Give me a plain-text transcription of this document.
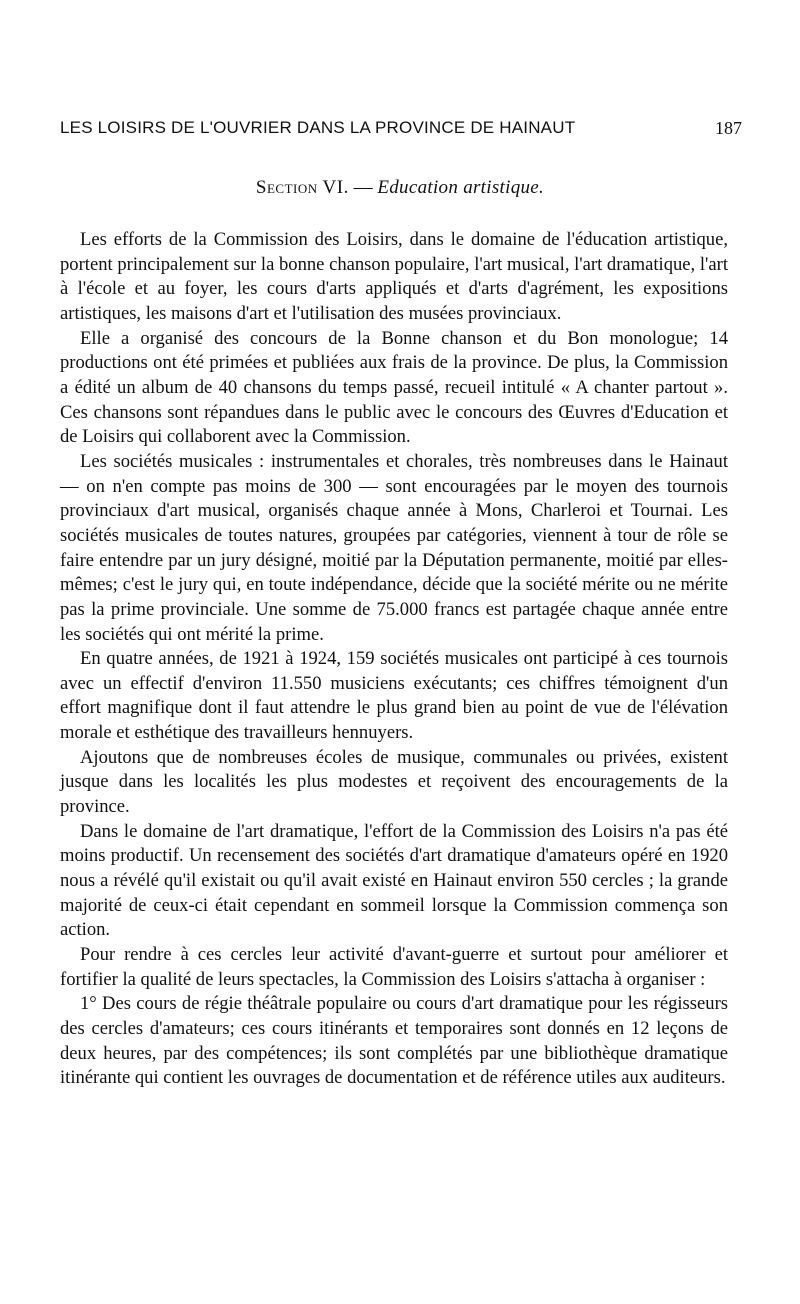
LES LOISIRS DE L'OUVRIER DANS LA PROVINCE DE HAINAUT	187
Section VI. — Education artistique.

Les efforts de la Commission des Loisirs, dans le domaine de l'éducation artistique, portent principalement sur la bonne chanson populaire, l'art musical, l'art dramatique, l'art à l'école et au foyer, les cours d'arts appliqués et d'arts d'agrément, les expositions artistiques, les maisons d'art et l'utilisation des musées provinciaux.

Elle a organisé des concours de la Bonne chanson et du Bon monologue; 14 productions ont été primées et publiées aux frais de la province. De plus, la Commission a édité un album de 40 chansons du temps passé, recueil intitulé « A chanter partout ». Ces chansons sont répandues dans le public avec le concours des Œuvres d'Education et de Loisirs qui collaborent avec la Commission.

Les sociétés musicales : instrumentales et chorales, très nombreuses dans le Hainaut — on n'en compte pas moins de 300 — sont encouragées par le moyen des tournois provinciaux d'art musical, organisés chaque année à Mons, Charleroi et Tournai. Les sociétés musicales de toutes natures, groupées par catégories, viennent à tour de rôle se faire entendre par un jury désigné, moitié par la Députation permanente, moitié par elles-mêmes; c'est le jury qui, en toute indépendance, décide que la société mérite ou ne mérite pas la prime provinciale. Une somme de 75.000 francs est partagée chaque année entre les sociétés qui ont mérité la prime.

En quatre années, de 1921 à 1924, 159 sociétés musicales ont participé à ces tournois avec un effectif d'environ 11.550 musiciens exécutants; ces chiffres témoignent d'un effort magnifique dont il faut attendre le plus grand bien au point de vue de l'élévation morale et esthétique des travailleurs hennuyers.

Ajoutons que de nombreuses écoles de musique, communales ou privées, existent jusque dans les localités les plus modestes et reçoivent des encouragements de la province.

Dans le domaine de l'art dramatique, l'effort de la Commission des Loisirs n'a pas été moins productif. Un recensement des sociétés d'art dramatique d'amateurs opéré en 1920 nous a révélé qu'il existait ou qu'il avait existé en Hainaut environ 550 cercles ; la grande majorité de ceux-ci était cependant en sommeil lorsque la Commission commença son action.

Pour rendre à ces cercles leur activité d'avant-guerre et surtout pour améliorer et fortifier la qualité de leurs spectacles, la Commission des Loisirs s'attacha à organiser :

1° Des cours de régie théâtrale populaire ou cours d'art dramatique pour les régisseurs des cercles d'amateurs; ces cours itinérants et temporaires sont donnés en 12 leçons de deux heures, par des compétences; ils sont complétés par une bibliothèque dramatique itinérante qui contient les ouvrages de documentation et de référence utiles aux auditeurs.
